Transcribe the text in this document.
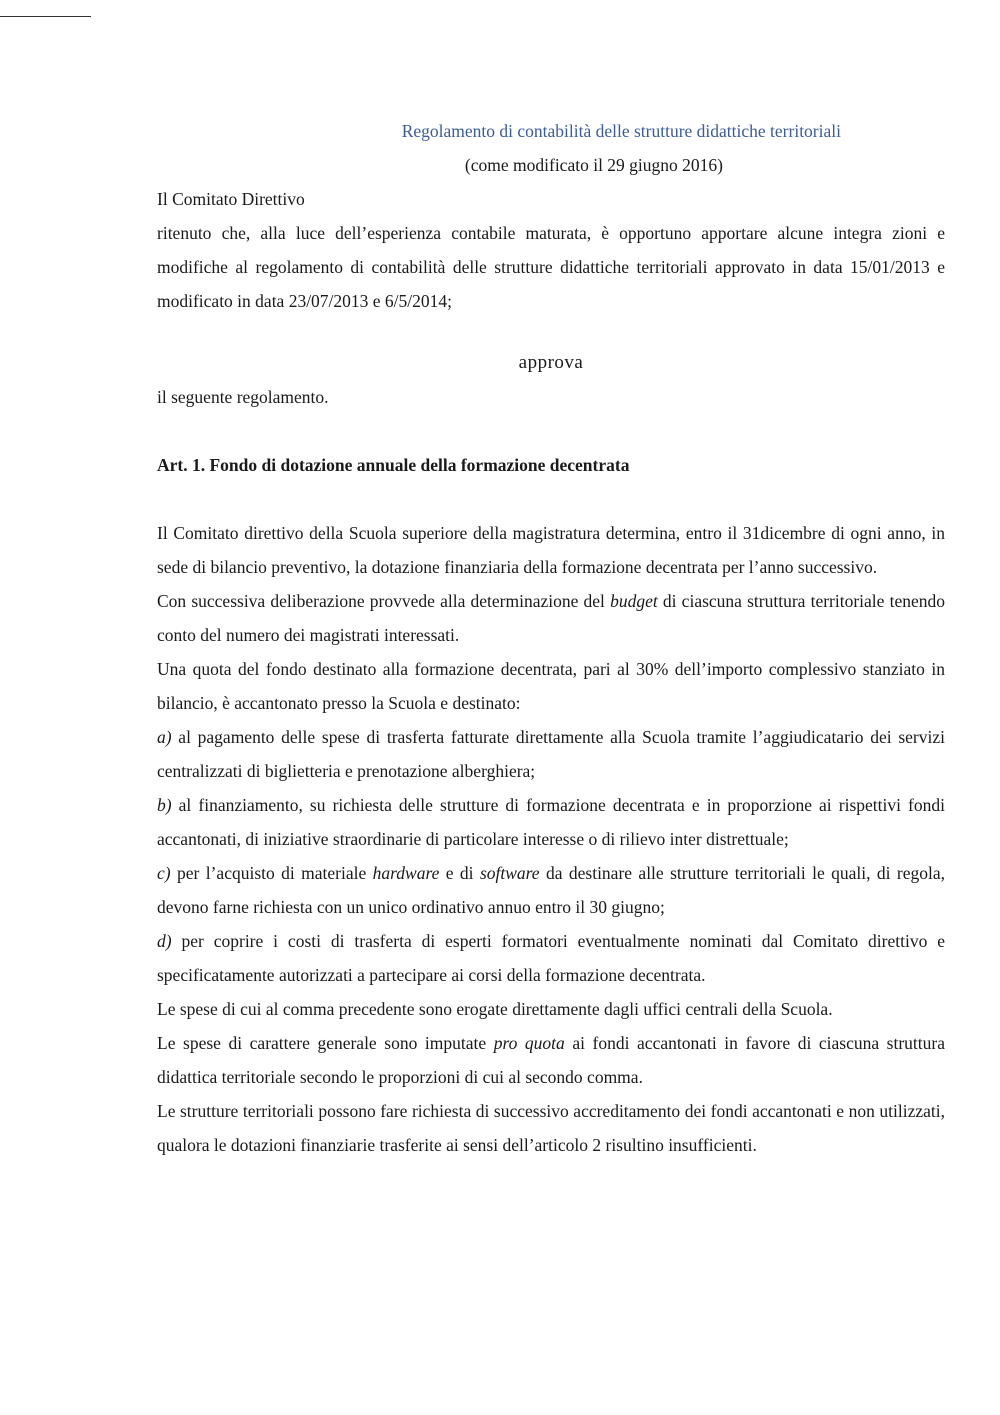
Regolamento di contabilità delle strutture didattiche territoriali
(come modificato il 29 giugno 2016)
Il Comitato Direttivo
ritenuto che, alla luce dell’esperienza contabile maturata, è opportuno apportare alcune integra zioni e modifiche al regolamento di contabilità delle strutture didattiche territoriali approvato in data 15/01/2013 e modificato in data 23/07/2013 e 6/5/2014;
approva
il seguente regolamento.
Art. 1. Fondo di dotazione annuale della formazione decentrata
Il Comitato direttivo della Scuola superiore della magistratura determina, entro il 31dicembre di ogni anno, in sede di bilancio preventivo, la dotazione finanziaria della formazione decentrata per l’anno successivo.
Con successiva deliberazione provvede alla determinazione del budget di ciascuna struttura territoriale tenendo conto del numero dei magistrati interessati.
Una quota del fondo destinato alla formazione decentrata, pari al 30% dell’importo complessivo stanziato in bilancio, è accantonato presso la Scuola e destinato:
a) al pagamento delle spese di trasferta fatturate direttamente alla Scuola tramite l’aggiudicatario dei servizi centralizzati di biglietteria e prenotazione alberghiera;
b) al finanziamento, su richiesta delle strutture di formazione decentrata e in proporzione ai rispettivi fondi accantonati, di iniziative straordinarie di particolare interesse o di rilievo inter distrettuale;
c) per l’acquisto di materiale hardware e di software da destinare alle strutture territoriali le quali, di regola, devono farne richiesta con un unico ordinativo annuo entro il 30 giugno;
d) per coprire i costi di trasferta di esperti formatori eventualmente nominati dal Comitato direttivo e specificatamente autorizzati a partecipare ai corsi della formazione decentrata.
Le spese di cui al comma precedente sono erogate direttamente dagli uffici centrali della Scuola.
Le spese di carattere generale sono imputate pro quota ai fondi accantonati in favore di ciascuna struttura didattica territoriale secondo le proporzioni di cui al secondo comma.
Le strutture territoriali possono fare richiesta di successivo accreditamento dei fondi accantonati e non utilizzati, qualora le dotazioni finanziarie trasferite ai sensi dell’articolo 2 risultino insufficienti.
